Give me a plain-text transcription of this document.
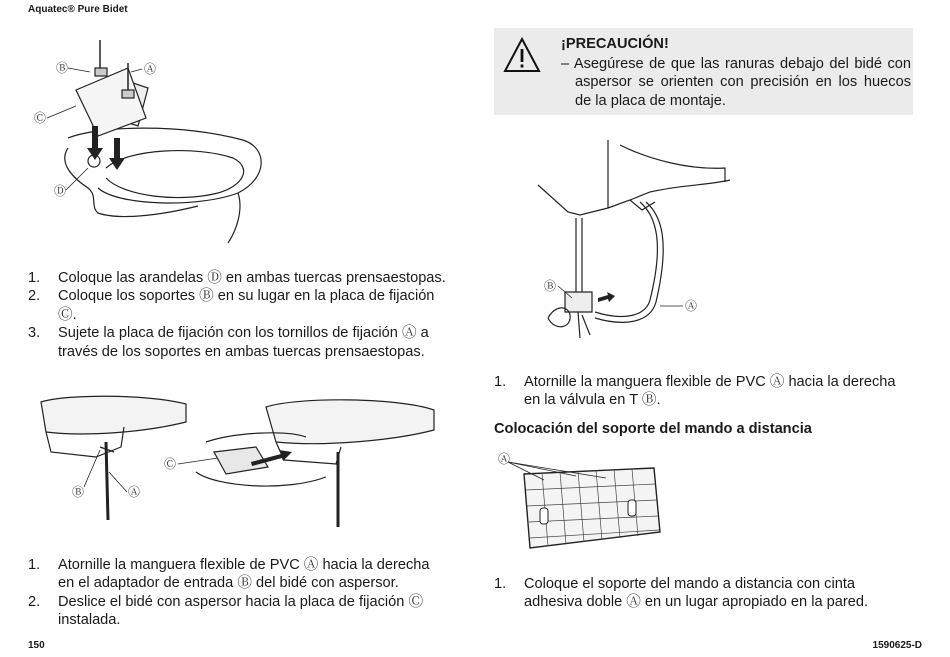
Aquatec® Pure Bidet
Ⓑ	Ⓐ
Ⓒ
Ⓓ
1. Coloque las arandelas Ⓓ en ambas tuercas prensaestopas.
2. Coloque los soportes Ⓑ en su lugar en la placa de fijación Ⓒ.
3. Sujete la placa de fijación con los tornillos de fijación Ⓐ a través de los soportes en ambas tuercas prensaestopas.
Ⓒ
Ⓑ	Ⓐ
1. Atornille la manguera flexible de PVC Ⓐ hacia la derecha en el adaptador de entrada Ⓑ del bidé con aspersor.
2. Deslice el bidé con aspersor hacia la placa de fijación Ⓒ instalada.
¡PRECAUCIÓN!
– Asegúrese de que las ranuras debajo del bidé con aspersor se orienten con precisión en los huecos de la placa de montaje.
Ⓑ
Ⓐ
1. Atornille la manguera flexible de PVC Ⓐ hacia la derecha en la válvula en T Ⓑ.
Colocación del soporte del mando a distancia
Ⓐ
1. Coloque el soporte del mando a distancia con cinta adhesiva doble Ⓐ en un lugar apropiado en la pared.
150	1590625-D
